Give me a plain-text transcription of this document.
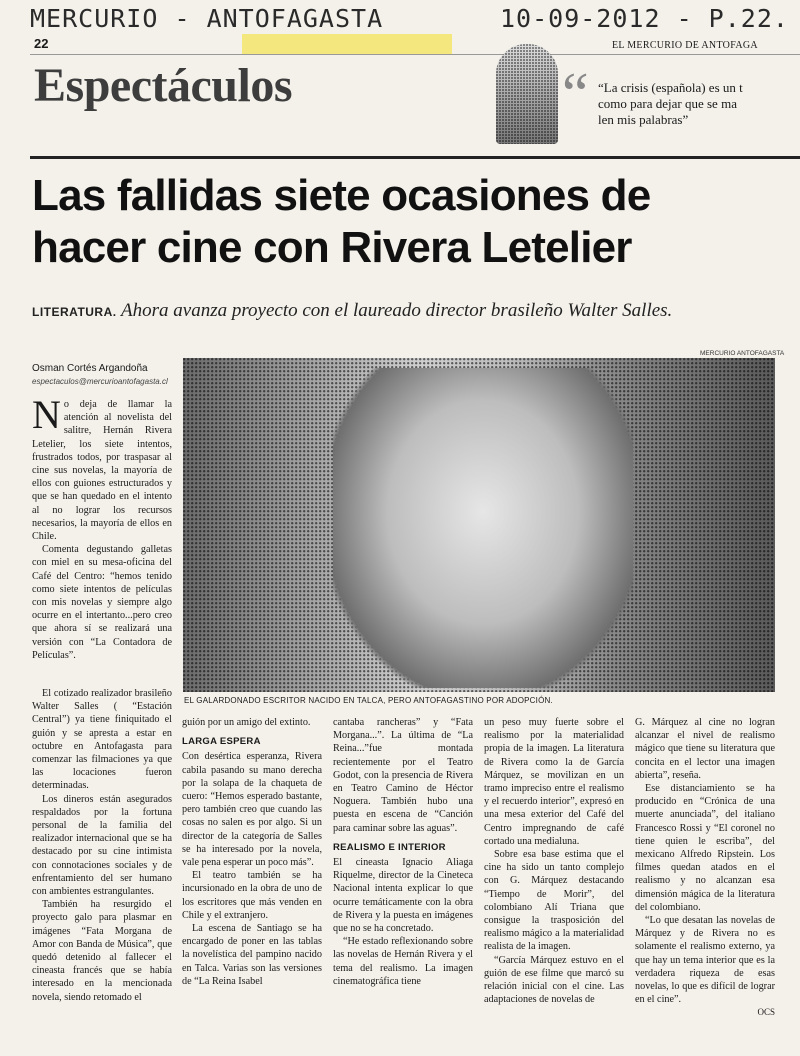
MERCURIO - ANTOFAGASTA	10-09-2012 - P.22.
22	EL MERCURIO DE ANTOFAGA
Espectáculos	“ “La crisis (española) es un t
como para dejar que se ma
len mis palabras”
Las fallidas siete ocasiones de
hacer cine con Rivera Letelier
LITERATURA. Ahora avanza proyecto con el laureado director brasileño Walter Salles.
Osman Cortés Argandoña
espectaculos@mercurioantofagasta.cl
MERCURIO ANTOFAGASTA
EL GALARDONADO ESCRITOR NACIDO EN TALCA, PERO ANTOFAGASTINO POR ADOPCIÓN.

No deja de llamar la atención al novelista del salitre, Hernán Rivera Letelier, los siete intentos, frustrados todos, por traspasar al cine sus novelas, la mayoría de ellos con guiones estructurados y que se han quedado en el intento al no lograr los recursos necesarios, la mayoría de ellos en Chile.

Comenta degustando galletas con miel en su mesa-oficina del Café del Centro: “hemos tenido como siete intentos de películas con mis novelas y siempre algo ocurre en el intertanto...pero creo que ahora sí se realizará una versión con “La Contadora de Películas”.

El cotizado realizador brasileño Walter Salles ( “Estación Central”) ya tiene finiquitado el guión y se apresta a estar en octubre en Antofagasta para comenzar las filmaciones ya que las locaciones fueron determinadas.

Los dineros están asegurados respaldados por la fortuna personal de la familia del realizador internacional que se ha destacado por su cine intimista con connotaciones sociales y de enfrentamiento del ser humano con ambientes estrangulantes.

También ha resurgido el proyecto galo para plasmar en imágenes “Fata Morgana de Amor con Banda de Música”, que quedó detenido al fallecer el cineasta francés que se había interesado en la mencionada novela, siendo retomado el

guión por un amigo del extinto.

LARGA ESPERA

Con desértica esperanza, Rivera cabila pasando su mano derecha por la solapa de la chaqueta de cuero: “Hemos esperado bastante, pero también creo que cuando las cosas no salen es por algo. Si un director de la categoría de Salles se ha interesado por la novela, vale pena esperar un poco más”.

El teatro también se ha incursionado en la obra de uno de los escritores que más venden en Chile y el extranjero.

La escena de Santiago se ha encargado de poner en las tablas la novelística del pampino nacido en Talca. Varias son las versiones de “La Reina Isabel

cantaba rancheras” y “Fata Morgana...”. La última de “La Reina...”fue montada recientemente por el Teatro Godot, con la presencia de Rivera en Teatro Camino de Héctor Noguera. También hubo una puesta en escena de “Canción para caminar sobre las aguas”.

REALISMO E INTERIOR

El cineasta Ignacio Aliaga Riquelme, director de la Cineteca Nacional intenta explicar lo que ocurre temáticamente con la obra de Rivera y la puesta en imágenes que no se ha concretado.

“He estado reflexionando sobre las novelas de Hernán Rivera y el tema del realismo. La imagen cinematográfica tiene

un peso muy fuerte sobre el realismo por la materialidad propia de la imagen. La literatura de Rivera como la de García Márquez, se movilizan en un tramo impreciso entre el realismo y el recuerdo interior”, expresó en una mesa exterior del Café del Centro impregnando de café cortado una medialuna.

Sobre esa base estima que el cine ha sido un tanto complejo con G. Márquez destacando “Tiempo de Morir”, del colombiano Alí Triana que consigue la trasposición del realismo mágico a la materialidad realista de la imagen.

“García Márquez estuvo en el guión de ese filme que marcó su relación inicial con el cine. Las adaptaciones de novelas de

G. Márquez al cine no logran alcanzar el nivel de realismo mágico que tiene su literatura que concita en el lector una imagen abierta”, reseña.

Ese distanciamiento se ha producido en “Crónica de una muerte anunciada”, del italiano Francesco Rossi y “El coronel no tiene quien le escriba”, del mexicano Alfredo Ripstein. Los filmes quedan atados en el realismo y no alcanzan esa dimensión mágica de la literatura del colombiano.

“Lo que desatan las novelas de Márquez y de Rivera no es solamente el realismo externo, ya que hay un tema interior que es la verdadera riqueza de esas novelas, lo que es difícil de lograr en el cine”.

OCS
